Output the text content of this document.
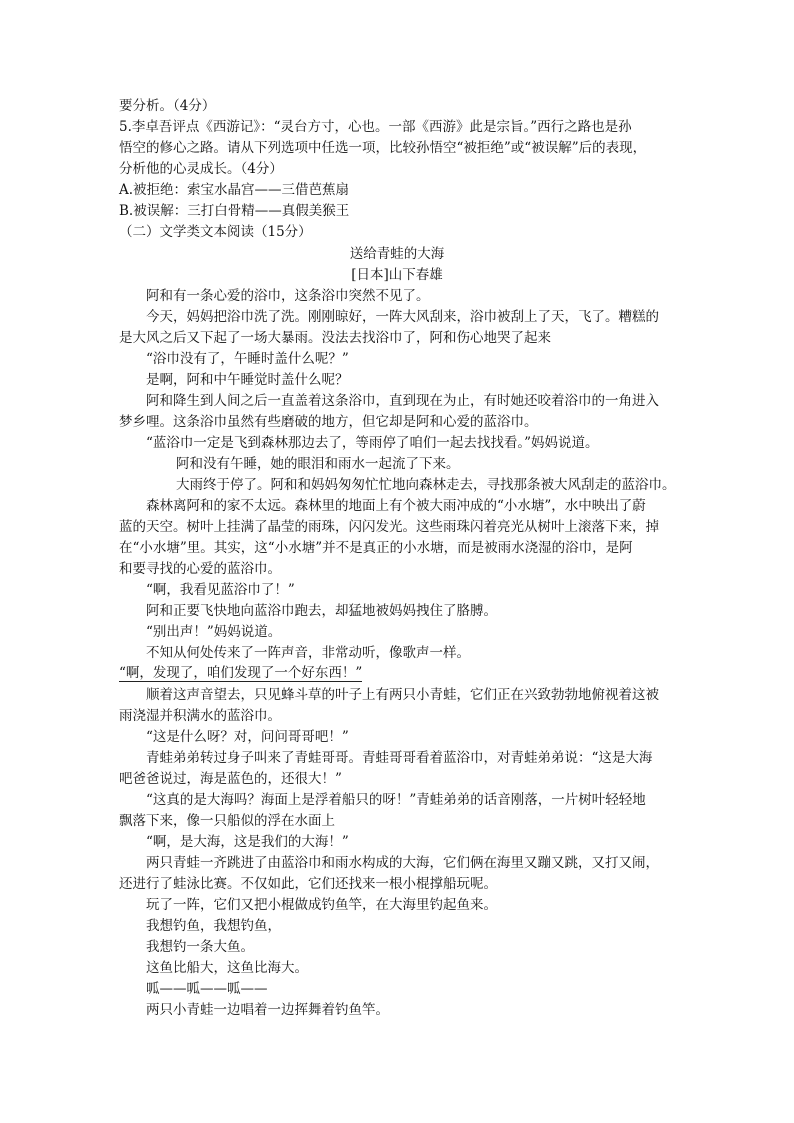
要分析。（4分）
5.李卓吾评点《西游记》：“灵台方寸，心也。一部《西游》此是宗旨。”西行之路也是孙
悟空的修心之路。请从下列选项中任选一项，比较孙悟空“被拒绝”或“被误解”后的表现，
分析他的心灵成长。（4分）
A.被拒绝：索宝水晶宫——三借芭蕉扇
B.被误解：三打白骨精——真假美猴王
（二）文学类文本阅读（15分）
送给青蛙的大海
[日本]山下春雄
阿和有一条心爱的浴巾，这条浴巾突然不见了。
今天，妈妈把浴巾洗了洗。刚刚晾好，一阵大风刮来，浴巾被刮上了天，飞了。糟糕的
是大风之后又下起了一场大暴雨。没法去找浴巾了，阿和伤心地哭了起来
“浴巾没有了，午睡时盖什么呢？”
是啊，阿和中午睡觉时盖什么呢？
阿和降生到人间之后一直盖着这条浴巾，直到现在为止，有时她还咬着浴巾的一角进入
梦乡哩。这条浴巾虽然有些磨破的地方，但它却是阿和心爱的蓝浴巾。
“蓝浴巾一定是飞到森林那边去了，等雨停了咱们一起去找找看。”妈妈说道。
阿和没有午睡，她的眼泪和雨水一起流了下来。
大雨终于停了。阿和和妈妈匆匆忙忙地向森林走去，寻找那条被大风刮走的蓝浴巾。
森林离阿和的家不太远。森林里的地面上有个被大雨冲成的“小水塘”，水中映出了蔚
蓝的天空。树叶上挂满了晶莹的雨珠，闪闪发光。这些雨珠闪着亮光从树叶上滚落下来，掉
在“小水塘”里。其实，这“小水塘”并不是真正的小水塘，而是被雨水浇湿的浴巾，是阿
和要寻找的心爱的蓝浴巾。
“啊，我看见蓝浴巾了！”
阿和正要飞快地向蓝浴巾跑去，却猛地被妈妈拽住了胳膊。
“别出声！”妈妈说道。
不知从何处传来了一阵声音，非常动听，像歌声一样。
“啊，发现了，咱们发现了一个好东西！”
顺着这声音望去，只见蜂斗草的叶子上有两只小青蛙，它们正在兴致勃勃地俯视着这被
雨浇湿并积满水的蓝浴巾。
“这是什么呀？对，问问哥哥吧！”
青蛙弟弟转过身子叫来了青蛙哥哥。青蛙哥哥看着蓝浴巾，对青蛙弟弟说：“这是大海
吧爸爸说过，海是蓝色的，还很大！”
“这真的是大海吗？海面上是浮着船只的呀！”青蛙弟弟的话音刚落，一片树叶轻轻地
飘落下来，像一只船似的浮在水面上
“啊，是大海，这是我们的大海！”
两只青蛙一齐跳进了由蓝浴巾和雨水构成的大海，它们俩在海里又蹦又跳，又打又闹，
还进行了蛙泳比赛。不仅如此，它们还找来一根小棍撑船玩呢。
玩了一阵，它们又把小棍做成钓鱼竿，在大海里钓起鱼来。
我想钓鱼，我想钓鱼，
我想钓一条大鱼。
这鱼比船大，这鱼比海大。
呱——呱——呱——
两只小青蛙一边唱着一边挥舞着钓鱼竿。
